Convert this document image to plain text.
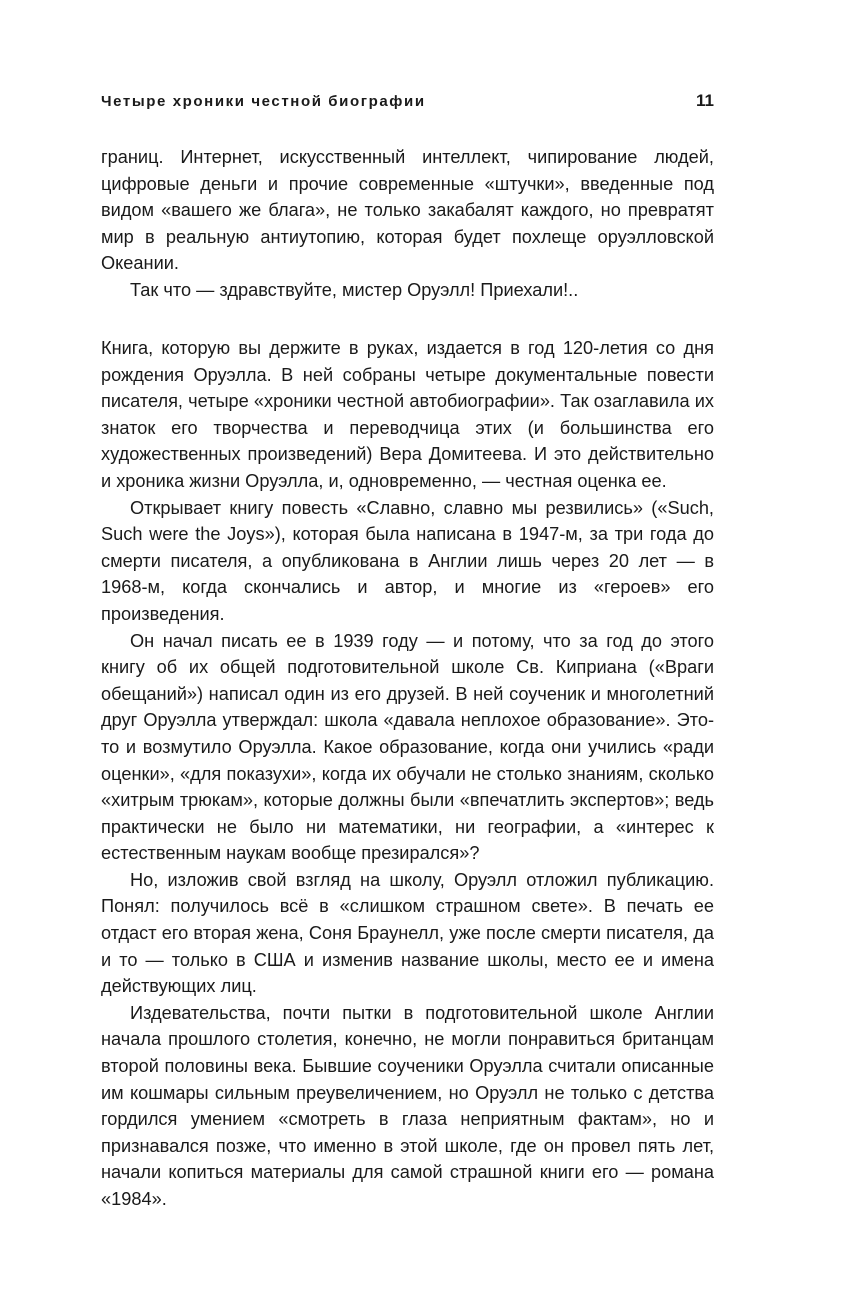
Четыре хроники честной биографии	11

границ. Интернет, искусственный интеллект, чипирование людей, цифровые деньги и прочие современные «штучки», введенные под видом «вашего же блага», не только закабалят каждого, но превратят мир в реальную антиутопию, которая будет похлеще оруэлловской Океании.

Так что — здравствуйте, мистер Оруэлл! Приехали!..

Книга, которую вы держите в руках, издается в год 120-летия со дня рождения Оруэлла. В ней собраны четыре документальные повести писателя, четыре «хроники честной автобиографии». Так озаглавила их знаток его творчества и переводчица этих (и большинства его художественных произведений) Вера Домитеева. И это действительно и хроника жизни Оруэлла, и, одновременно, — честная оценка ее.

Открывает книгу повесть «Славно, славно мы резвились» («Such, Such were the Joys»), которая была написана в 1947-м, за три года до смерти писателя, а опубликована в Англии лишь через 20 лет — в 1968-м, когда скончались и автор, и многие из «героев» его произведения.

Он начал писать ее в 1939 году — и потому, что за год до этого книгу об их общей подготовительной школе Св. Киприана («Враги обещаний») написал один из его друзей. В ней соученик и многолетний друг Оруэлла утверждал: школа «давала неплохое образование». Это-то и возмутило Оруэлла. Какое образование, когда они учились «ради оценки», «для показухи», когда их обучали не столько знаниям, сколько «хитрым трюкам», которые должны были «впечатлить экспертов»; ведь практически не было ни математики, ни географии, а «интерес к естественным наукам вообще презирался»?

Но, изложив свой взгляд на школу, Оруэлл отложил публикацию. Понял: получилось всё в «слишком страшном свете». В печать ее отдаст его вторая жена, Соня Браунелл, уже после смерти писателя, да и то — только в США и изменив название школы, место ее и имена действующих лиц.

Издевательства, почти пытки в подготовительной школе Англии начала прошлого столетия, конечно, не могли понравиться британцам второй половины века. Бывшие соученики Оруэлла считали описанные им кошмары сильным преувеличением, но Оруэлл не только с детства гордился умением «смотреть в глаза неприятным фактам», но и признавался позже, что именно в этой школе, где он провел пять лет, начали копиться материалы для самой страшной книги его — романа «1984».
